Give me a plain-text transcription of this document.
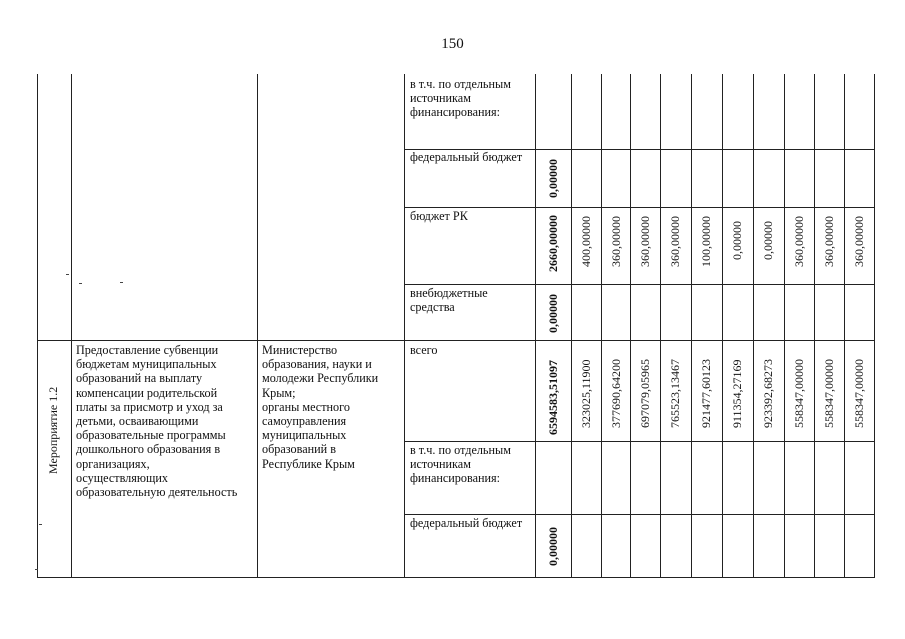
150
в т.ч. по отдельным
источникам
финансирования:
федеральный бюджет
бюджет РК
внебюджетные
средства
0,00000
2660,00000 400,00000 360,00000 360,00000 360,00000 100,00000 0,00000 0,00000 360,00000 360,00000 360,00000
0,00000
Мероприятие 1.2
Предоставление субвенции
бюджетам муниципальных
образований на выплату
компенсации родительской
платы за присмотр и уход за
детьми, осваивающими
образовательные программы
дошкольного образования в
организациях,
осуществляющих
образовательную деятельность
Министерство
образования, науки и
молодежи Республики
Крым;
органы местного
самоуправления
муниципальных
образований в
Республике Крым
всего
в т.ч. по отдельным
источникам
финансирования:
федеральный бюджет
6594583,51097 323025,11900 377690,64200 697079,05965 765523,13467 921477,60123 911354,27169 923392,68273 558347,00000 558347,00000 558347,00000
0,00000
